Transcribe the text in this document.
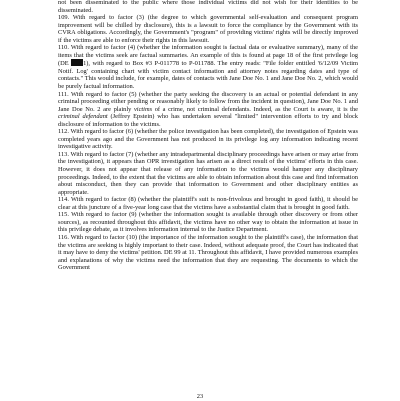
not been disseminated to the public where those individual victims did not wish for their identities to be disseminated.

109. With regard to factor (3) (the degree to which governmental self-evaluation and consequent program improvement will be chilled by disclosure), this is a lawsuit to force the compliance by the Government with its CVRA obligations. Accordingly, the Government's "program" of providing victims' rights will be directly improved if the victims are able to enforce their rights in this lawsuit.

110. With regard to factor (4) (whether the information sought is factual data or evaluative summary), many of the items that the victims seek are factual summaries. An example of this is found at page 18 of the first privilege log (DE 1), with regard to Box #3 P-011778 to P-011788. The entry reads: "File folder entitled '6/12/09 Victim Notif. Log' containing chart with victim contact information and attorney notes regarding dates and type of contacts." This would include, for example, dates of contacts with Jane Doe No. 1 and Jane Doe No. 2, which would be purely factual information.

111. With regard to factor (5) (whether the party seeking the discovery is an actual or potential defendant in any criminal proceeding either pending or reasonably likely to follow from the incident in question), Jane Doe No. 1 and Jane Doe No. 2 are plainly victims of a crime, not criminal defendants. Indeed, as the Court is aware, it is the criminal defendant (Jeffrey Epstein) who has undertaken several "limited" intervention efforts to try and block disclosure of information to the victims.

112. With regard to factor (6) (whether the police investigation has been completed), the investigation of Epstein was completed years ago and the Government has not produced in its privilege log any information indicating recent investigative activity.

113. With regard to factor (7) (whether any intradepartmental disciplinary proceedings have arisen or may arise from the investigation), it appears than OPR investigation has arisen as a direct result of the victims' efforts in this case. However, it does not appear that release of any information to the victims would hamper any disciplinary proceedings. Indeed, to the extent that the victims are able to obtain information about this case and find information about misconduct, then they can provide that information to Government and other disciplinary entities as appropriate.

114. With regard to factor (8) (whether the plaintiff's suit is non-frivolous and brought in good faith), it should be clear at this juncture of a five-year long case that the victims have a substantial claim that is brought in good faith.

115. With regard to factor (9) (whether the information sought is available through other discovery or from other sources), as recounted throughout this affidavit, the victims have no other way to obtain the information at issue in this privilege debate, as it involves information internal to the Justice Department.

116. With regard to factor (10) (the importance of the information sought to the plaintiff's case), the information that the victims are seeking is highly important to their case. Indeed, without adequate proof, the Court has indicated that it may have to deny the victims' petition. DE 99 at 11. Throughout this affidavit, I have provided numerous examples and explanations of why the victims need the information that they are requesting. The documents to which the Government

23
